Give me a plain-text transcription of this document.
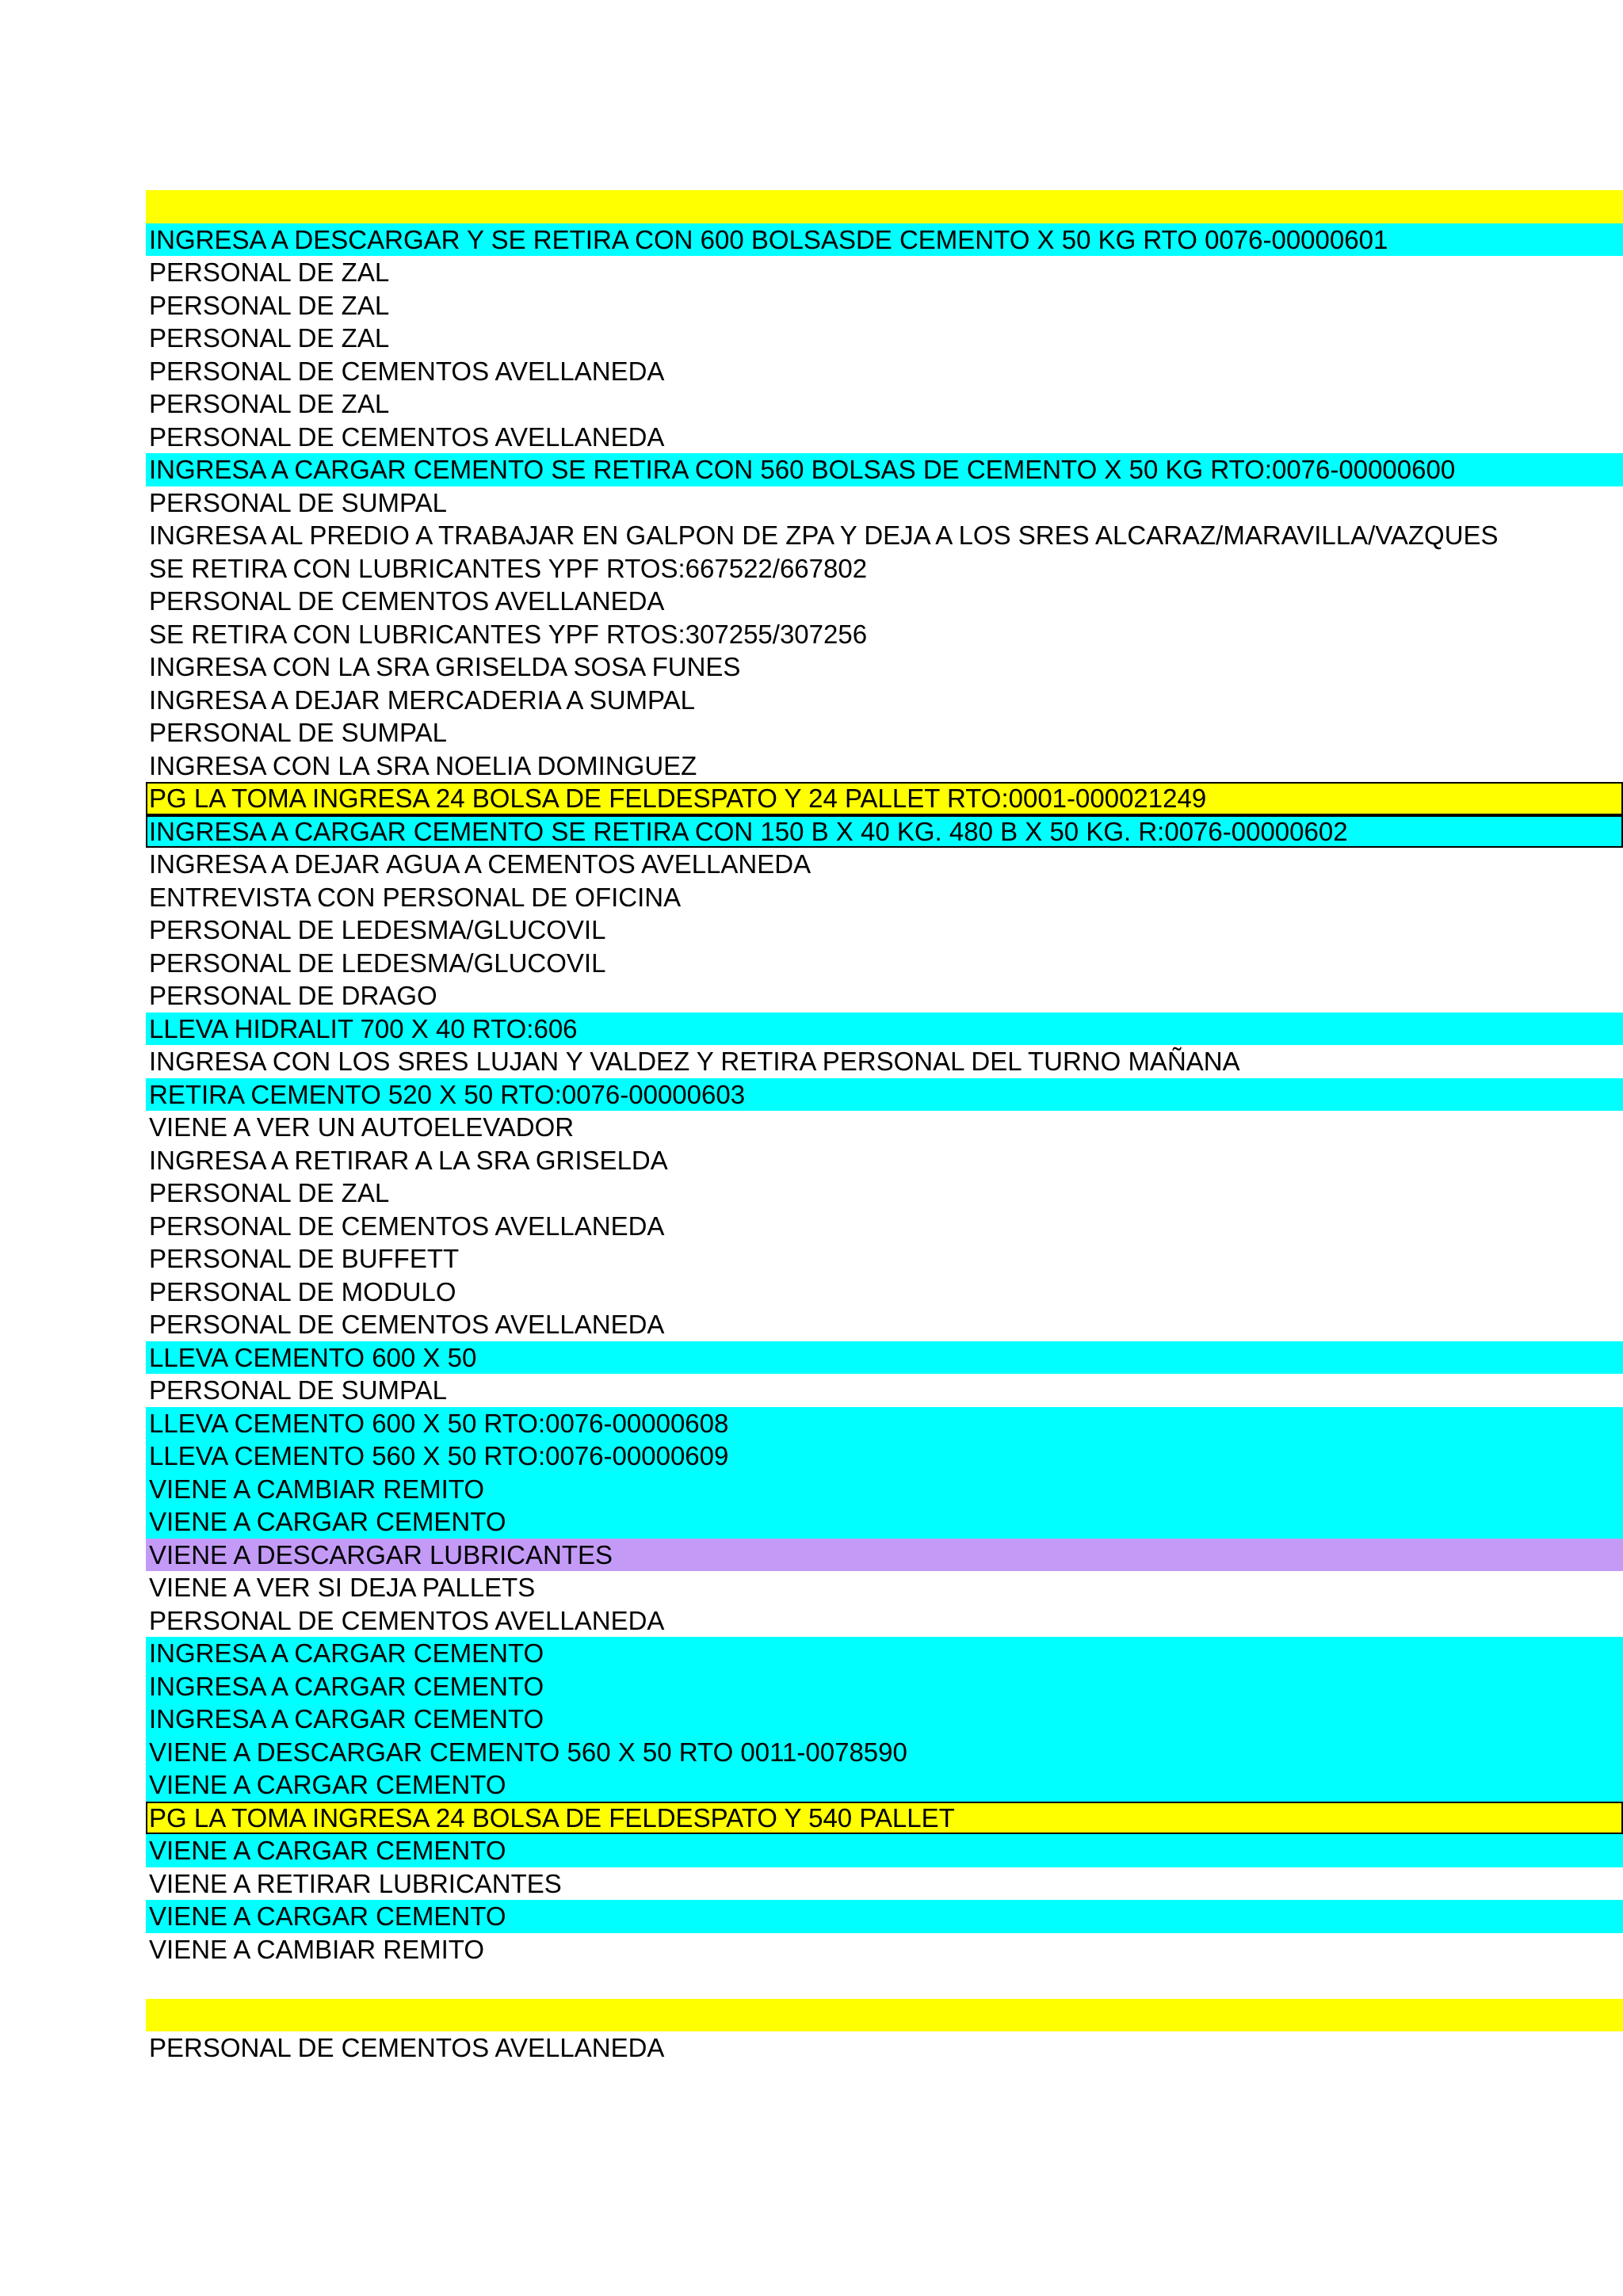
INGRESA A DESCARGAR Y SE RETIRA CON 600 BOLSASDE CEMENTO X 50 KG RTO 0076-00000601
PERSONAL DE ZAL
PERSONAL DE ZAL
PERSONAL DE ZAL
PERSONAL DE CEMENTOS AVELLANEDA
PERSONAL DE ZAL
PERSONAL DE CEMENTOS AVELLANEDA
INGRESA A CARGAR CEMENTO SE RETIRA CON 560 BOLSAS DE CEMENTO X 50 KG RTO:0076-00000600
PERSONAL DE SUMPAL
INGRESA AL PREDIO A TRABAJAR EN GALPON DE ZPA Y DEJA A LOS SRES ALCARAZ/MARAVILLA/VAZQUES
SE RETIRA CON LUBRICANTES YPF RTOS:667522/667802
PERSONAL DE CEMENTOS AVELLANEDA
SE RETIRA CON LUBRICANTES YPF RTOS:307255/307256
INGRESA CON LA SRA GRISELDA SOSA FUNES
INGRESA A DEJAR MERCADERIA A SUMPAL
PERSONAL DE SUMPAL
INGRESA CON LA SRA NOELIA DOMINGUEZ
PG LA TOMA INGRESA 24 BOLSA DE FELDESPATO Y 24 PALLET RTO:0001-000021249
INGRESA A CARGAR CEMENTO SE RETIRA CON 150 B X 40 KG. 480 B X 50 KG. R:0076-00000602
INGRESA A DEJAR AGUA A CEMENTOS AVELLANEDA
ENTREVISTA CON PERSONAL DE OFICINA
PERSONAL DE LEDESMA/GLUCOVIL
PERSONAL DE LEDESMA/GLUCOVIL
PERSONAL DE DRAGO
LLEVA HIDRALIT 700 X 40 RTO:606
INGRESA CON LOS SRES LUJAN Y VALDEZ Y RETIRA PERSONAL DEL TURNO MAÑANA
RETIRA CEMENTO 520 X 50 RTO:0076-00000603
VIENE A VER UN AUTOELEVADOR
INGRESA A RETIRAR A LA SRA GRISELDA
PERSONAL DE ZAL
PERSONAL DE CEMENTOS AVELLANEDA
PERSONAL DE BUFFETT
PERSONAL DE MODULO
PERSONAL DE CEMENTOS AVELLANEDA
LLEVA CEMENTO 600 X 50
PERSONAL DE SUMPAL
LLEVA CEMENTO 600 X 50 RTO:0076-00000608
LLEVA CEMENTO 560 X 50 RTO:0076-00000609
VIENE A CAMBIAR REMITO
VIENE A CARGAR CEMENTO
VIENE A DESCARGAR LUBRICANTES
VIENE A VER SI DEJA PALLETS
PERSONAL DE CEMENTOS AVELLANEDA
INGRESA A CARGAR CEMENTO
INGRESA A CARGAR CEMENTO
INGRESA A CARGAR CEMENTO
VIENE A DESCARGAR CEMENTO 560 X 50 RTO 0011-0078590
VIENE A CARGAR CEMENTO
PG LA TOMA INGRESA 24 BOLSA DE FELDESPATO Y 540 PALLET
VIENE A CARGAR CEMENTO
VIENE A RETIRAR LUBRICANTES
VIENE A CARGAR CEMENTO
VIENE A CAMBIAR REMITO
PERSONAL DE CEMENTOS AVELLANEDA
